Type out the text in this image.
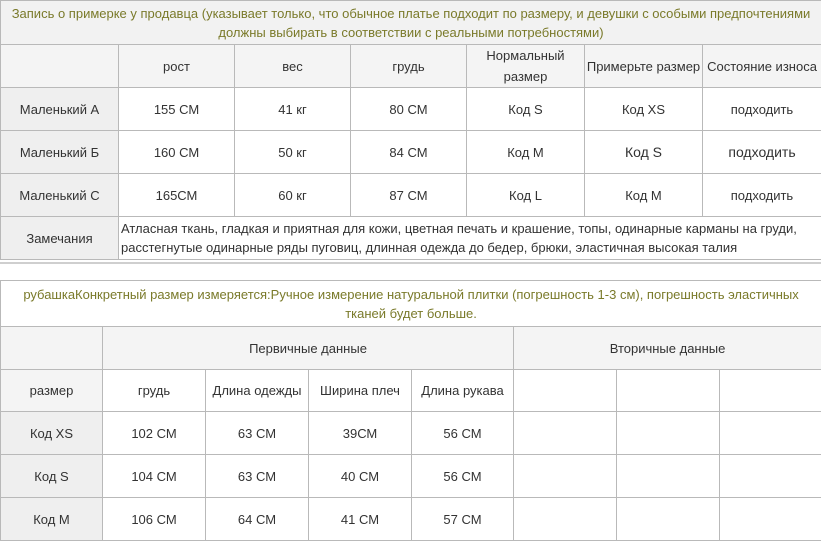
Запись о примерке у продавца (указывает только, что обычное платье подходит по размеру, и девушки с особыми предпочтениями должны выбирать в соответствии с реальными потребностями)						
	рост	вес	грудь	Нормальный размер	Примерьте размер	Состояние износа
Маленький А	155 СМ	41 кг	80 СМ	Код S	Код XS	подходить
Маленький Б	160 СМ	50 кг	84 СМ	Код M	Код S	подходить
Маленький С	165СМ	60 кг	87 СМ	Код L	Код M	подходить
Замечания	Атласная ткань, гладкая и приятная для кожи, цветная печать и крашение, топы, одинарные карманы на груди, расстегнутые одинарные ряды пуговиц, длинная одежда до бедер, брюки, эластичная высокая талия					
рубашкаКонкретный размер измеряется:Ручное измерение натуральной плитки (погрешность 1-3 см), погрешность эластичных тканей будет больше.							
	Первичные данные				Вторичные данные		
размер	грудь	Длина одежды	Ширина плеч	Длина рукава			
Код XS	102 СМ	63 СМ	39СМ	56 СМ			
Код S	104 СМ	63 СМ	40 СМ	56 СМ			
Код M	106 СМ	64 СМ	41 СМ	57 СМ			
